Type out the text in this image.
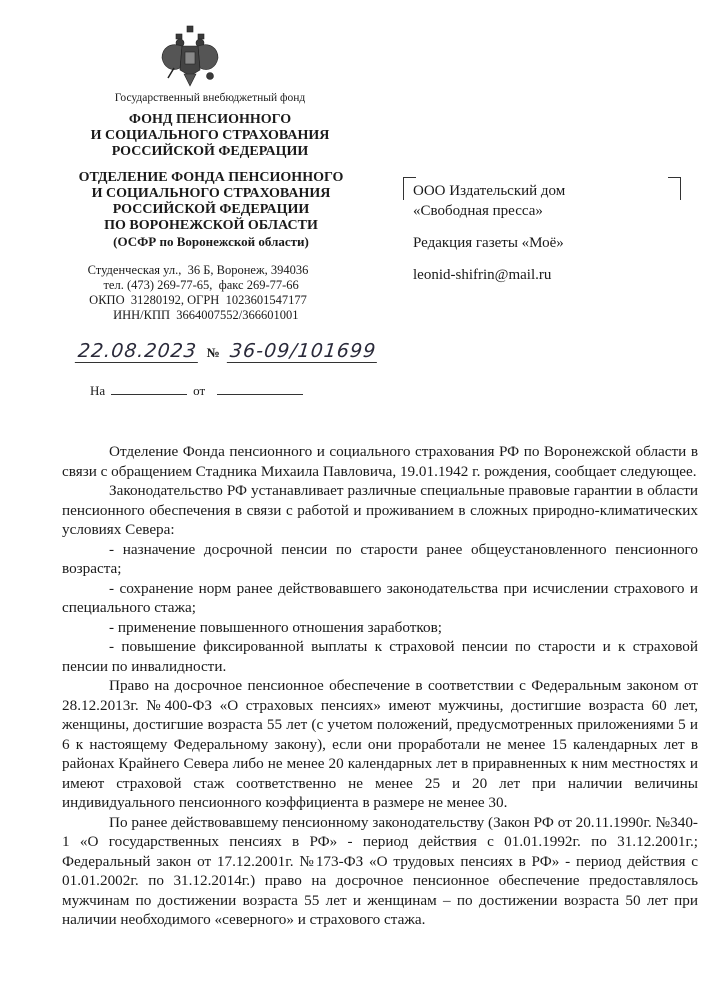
Государственный внебюджетный фонд
ФОНД ПЕНСИОННОГО
И СОЦИАЛЬНОГО СТРАХОВАНИЯ
РОССИЙСКОЙ ФЕДЕРАЦИИ
ОТДЕЛЕНИЕ ФОНДА ПЕНСИОННОГО
И СОЦИАЛЬНОГО СТРАХОВАНИЯ
РОССИЙСКОЙ ФЕДЕРАЦИИ
ПО ВОРОНЕЖСКОЙ ОБЛАСТИ
(ОСФР по Воронежской области)
Студенческая ул.,  36 Б, Воронеж, 394036
тел. (473) 269-77-65,  факс 269-77-66
ОКПО  31280192, ОГРН  1023601547177
ИНН/КПП  3664007552/366601001
22.08.2023 № 36-09/101699
На	от

ООО Издательский дом
«Свободная пресса»

Редакция газеты «Моё»

leonid-shifrin@mail.ru

Отделение Фонда пенсионного и социального страхования РФ по Воронежской области в связи с обращением Стадника Михаила Павловича, 19.01.1942 г. рождения, сообщает следующее.

Законодательство РФ устанавливает различные специальные правовые гарантии в области пенсионного обеспечения в связи с работой и проживанием в сложных природно-климатических условиях Севера:

- назначение досрочной пенсии по старости ранее общеустановленного пенсионного возраста;

- сохранение норм ранее действовавшего законодательства при исчислении страхового и специального стажа;

- применение повышенного отношения заработков;

- повышение фиксированной выплаты к страховой пенсии по старости и к страховой пенсии по инвалидности.

Право на досрочное пенсионное обеспечение в соответствии с Федеральным законом от 28.12.2013г. №400-ФЗ «О страховых пенсиях» имеют мужчины, достигшие возраста 60 лет, женщины, достигшие возраста 55 лет (с учетом положений, предусмотренных приложениями 5 и 6 к настоящему Федеральному закону), если они проработали не менее 15 календарных лет в районах Крайнего Севера либо не менее 20 календарных лет в приравненных к ним местностях и имеют страховой стаж соответственно не менее 25 и 20 лет при наличии величины индивидуального пенсионного коэффициента в размере не менее 30.

По ранее действовавшему пенсионному законодательству (Закон РФ от 20.11.1990г. №340-1 «О государственных пенсиях в РФ» - период действия с 01.01.1992г. по 31.12.2001г.; Федеральный закон от 17.12.2001г. №173-ФЗ «О трудовых пенсиях в РФ» - период действия с 01.01.2002г. по 31.12.2014г.) право на досрочное пенсионное обеспечение предоставлялось мужчинам по достижении возраста 55 лет и женщинам – по достижении возраста 50 лет при наличии необходимого «северного» и страхового стажа.
